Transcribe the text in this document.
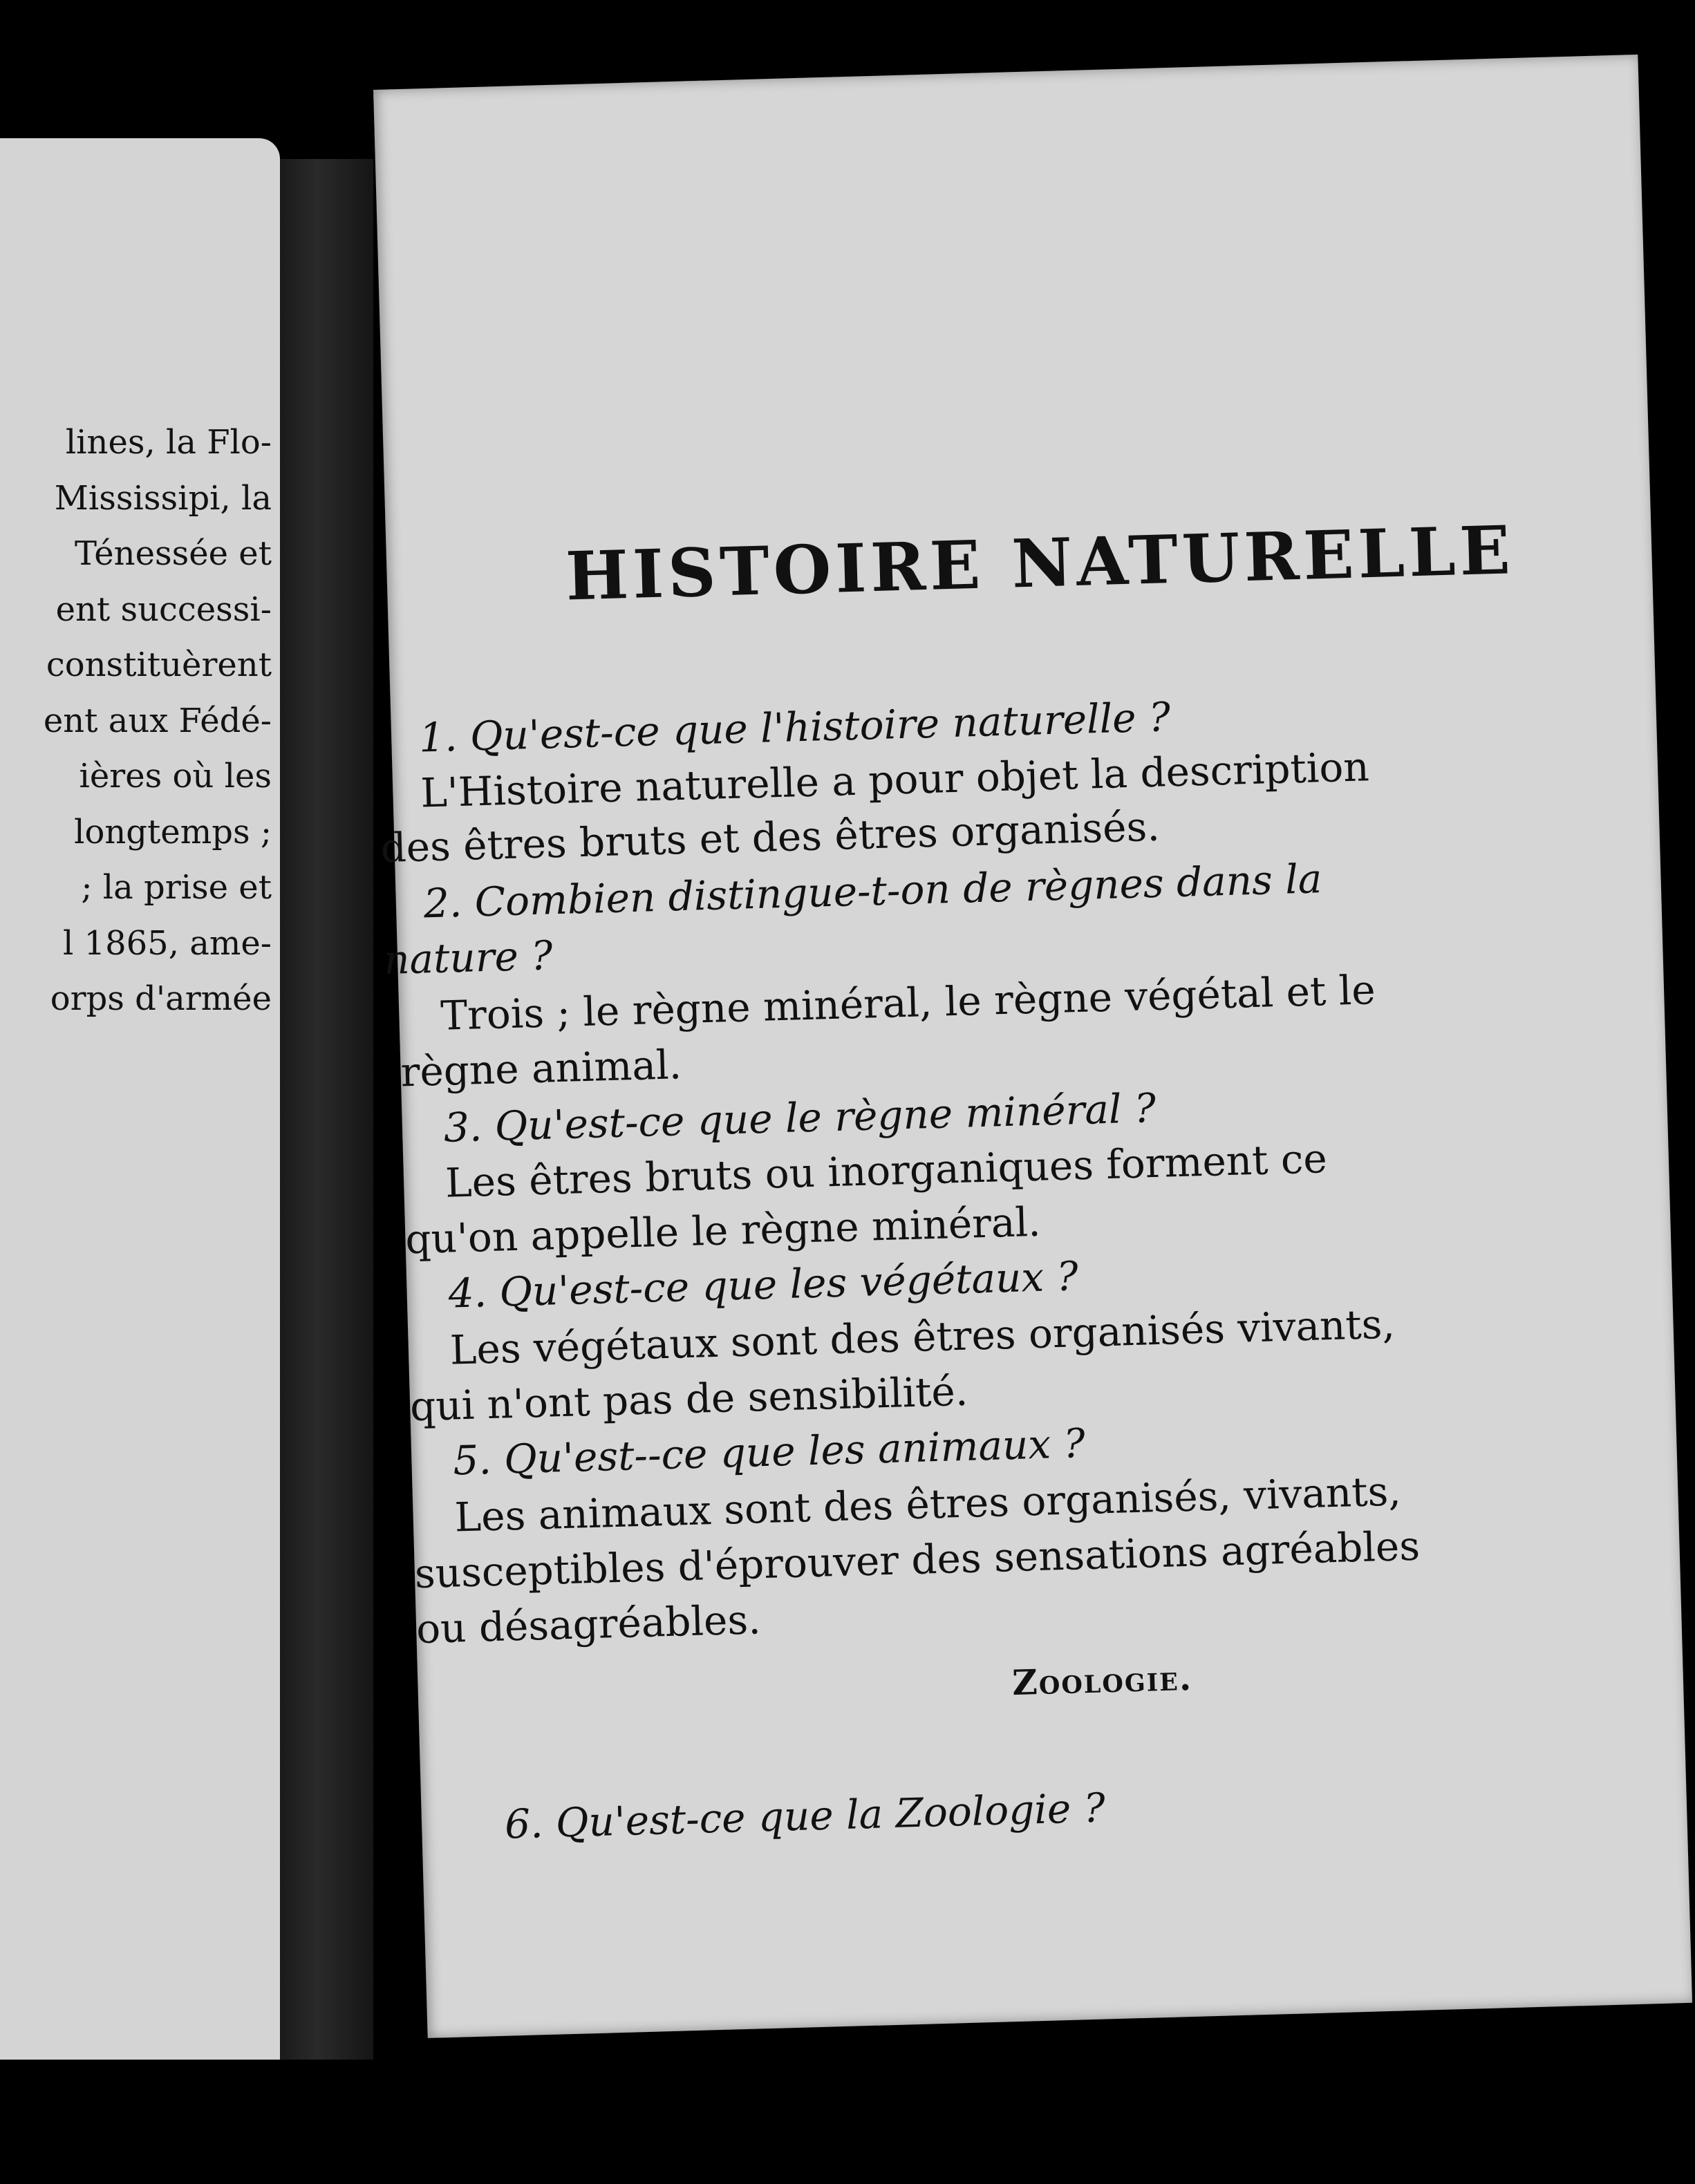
lines, la Flo-
Mississipi, la
Ténessée et
ent successi-
constituèrent
ent aux Fédé-
ières où les
longtemps ;
; la prise et
l 1865, ame-
orps d'armée
HISTOIRE NATURELLE
1. Qu'est-ce que l'histoire naturelle ?
L'Histoire naturelle a pour objet la description
des êtres bruts et des êtres organisés.
2. Combien distingue-t-on de règnes dans la
nature ?
Trois ; le règne minéral, le règne végétal et le
règne animal.
3. Qu'est-ce que le règne minéral ?
Les êtres bruts ou inorganiques forment ce
qu'on appelle le règne minéral.
4. Qu'est-ce que les végétaux ?
Les végétaux sont des êtres organisés vivants,
qui n'ont pas de sensibilité.
5. Qu'est--ce que les animaux ?
Les animaux sont des êtres organisés, vivants,
susceptibles d'éprouver des sensations agréables
ou désagréables.
Zoologie.
6. Qu'est-ce que la Zoologie ?
